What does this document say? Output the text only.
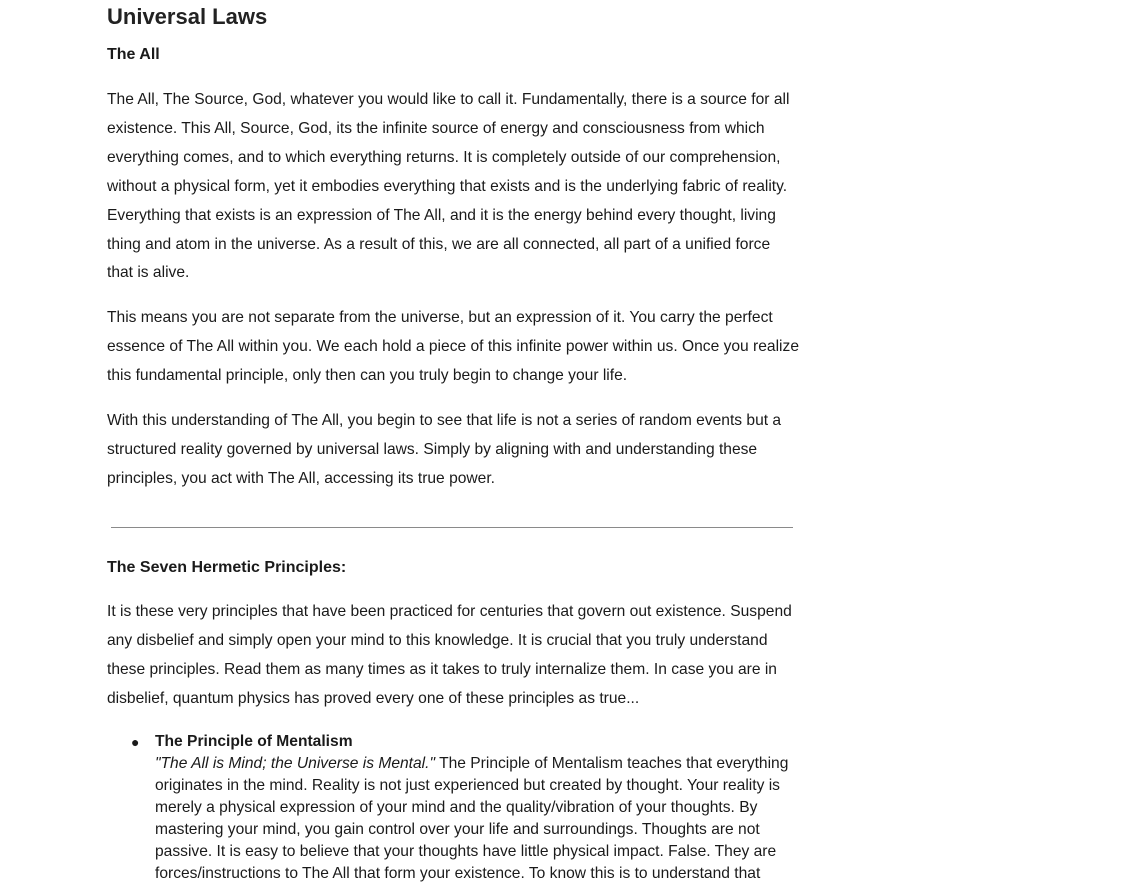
Universal Laws
The All

The All, The Source, God, whatever you would like to call it. Fundamentally, there is a source for all existence. This All, Source, God, its the infinite source of energy and consciousness from which everything comes, and to which everything returns. It is completely outside of our comprehension, without a physical form, yet it embodies everything that exists and is the underlying fabric of reality. Everything that exists is an expression of The All, and it is the energy behind every thought, living thing and atom in the universe. As a result of this, we are all connected, all part of a unified force that is alive.

This means you are not separate from the universe, but an expression of it. You carry the perfect essence of The All within you. We each hold a piece of this infinite power within us. Once you realize this fundamental principle, only then can you truly begin to change your life.

With this understanding of The All, you begin to see that life is not a series of random events but a structured reality governed by universal laws. Simply by aligning with and understanding these principles, you act with The All, accessing its true power.

The Seven Hermetic Principles:

It is these very principles that have been practiced for centuries that govern out existence. Suspend any disbelief and simply open your mind to this knowledge. It is crucial that you truly understand these principles. Read them as many times as it takes to truly internalize them. In case you are in disbelief, quantum physics has proved every one of these principles as true...

● The Principle of Mentalism
"The All is Mind; the Universe is Mental." The Principle of Mentalism teaches that everything originates in the mind. Reality is not just experienced but created by thought. Your reality is merely a physical expression of your mind and the quality/vibration of your thoughts. By mastering your mind, you gain control over your life and surroundings. Thoughts are not passive. It is easy to believe that your thoughts have little physical impact. False. They are forces/instructions to The All that form your existence. To know this is to understand that
